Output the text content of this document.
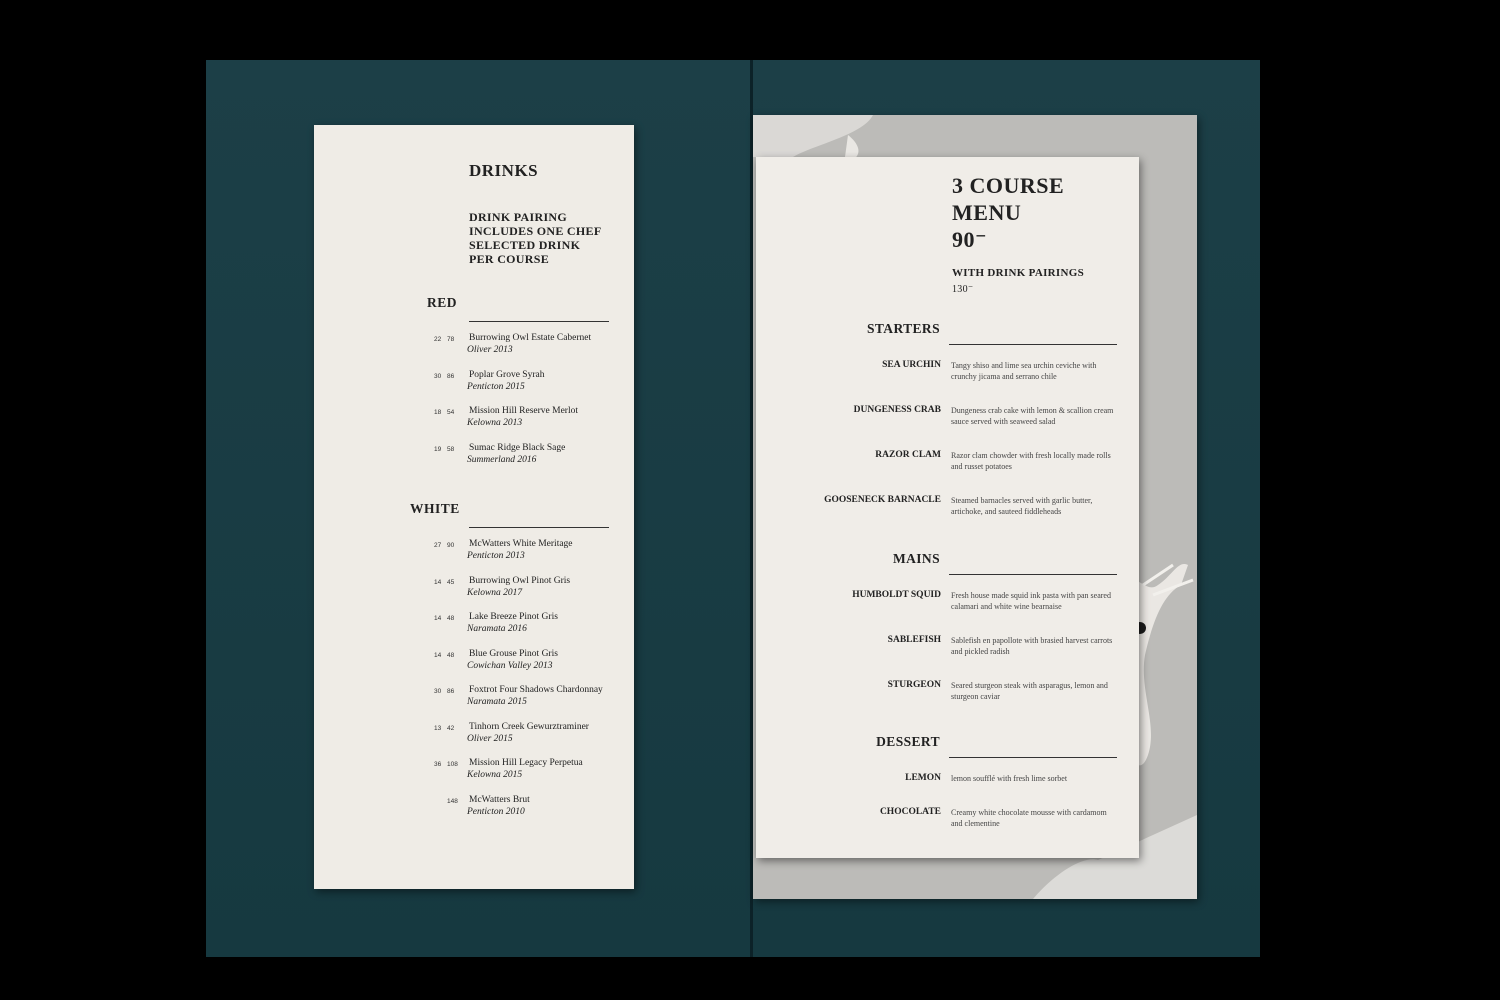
DRINKS
DRINK PAIRING
INCLUDES ONE CHEF
SELECTED DRINK
PER COURSE
RED
22 78 Burrowing Owl Estate Cabernet
Oliver 2013
30 86 Poplar Grove Syrah
Penticton 2015
18 54 Mission Hill Reserve Merlot
Kelowna 2013
19 58 Sumac Ridge Black Sage
Summerland 2016
WHITE
27 90 McWatters White Meritage
Penticton 2013
14 45 Burrowing Owl Pinot Gris
Kelowna 2017
14 48 Lake Breeze Pinot Gris
Naramata 2016
14 48 Blue Grouse Pinot Gris
Cowichan Valley 2013
30 86 Foxtrot Four Shadows Chardonnay
Naramata 2015
13 42 Tinhorn Creek Gewurztraminer
Oliver 2015
36 108 Mission Hill Legacy Perpetua
Kelowna 2015
148 McWatters Brut
Penticton 2010
3 COURSE
MENU
90⁻
WITH DRINK PAIRINGS
130⁻
STARTERS
SEA URCHIN Tangy shiso and lime sea urchin ceviche with crunchy jicama and serrano chile
DUNGENESS CRAB Dungeness crab cake with lemon & scallion cream sauce served with seaweed salad
RAZOR CLAM Razor clam chowder with fresh locally made rolls and russet potatoes
GOOSENECK BARNACLE Steamed barnacles served with garlic butter, artichoke, and sauteed fiddleheads
MAINS
HUMBOLDT SQUID Fresh house made squid ink pasta with pan seared calamari and white wine bearnaise
SABLEFISH Sablefish en papollote with brasied harvest carrots and pickled radish
STURGEON Seared sturgeon steak with asparagus, lemon and sturgeon caviar
DESSERT
LEMON lemon soufflé with fresh lime sorbet
CHOCOLATE Creamy white chocolate mousse with cardamom and clementine
